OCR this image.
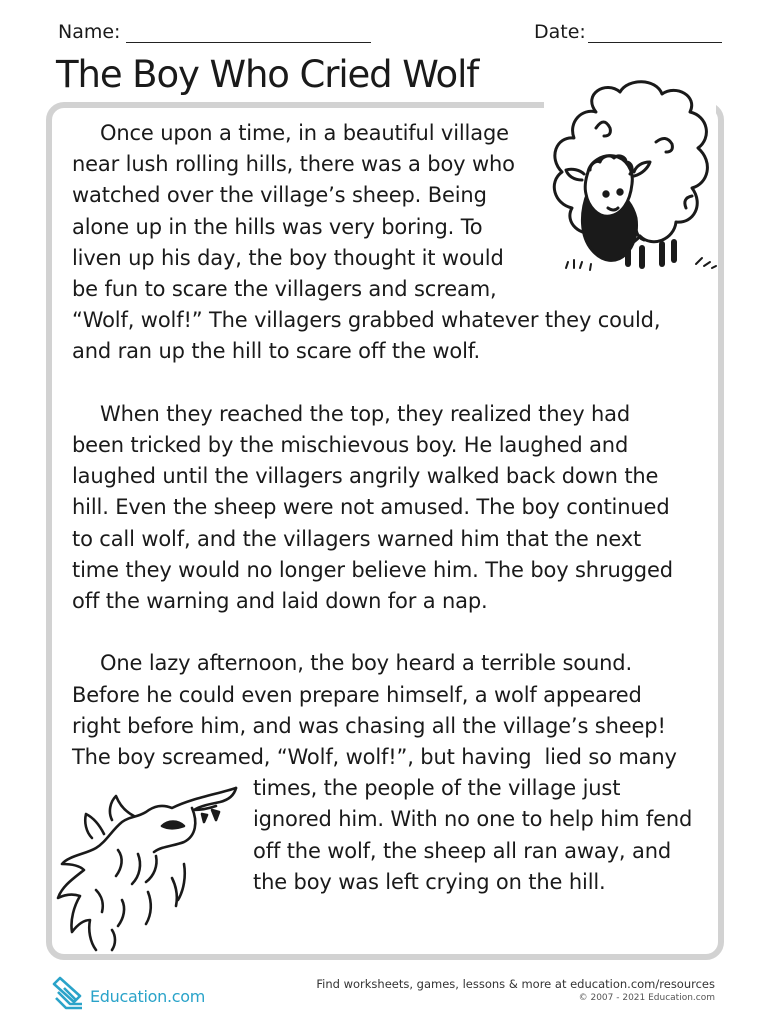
Name:	Date:
The Boy Who Cried Wolf
Once upon a time, in a beautiful village
near lush rolling hills, there was a boy who
watched over the village’s sheep. Being
alone up in the hills was very boring. To
liven up his day, the boy thought it would
be fun to scare the villagers and scream,
“Wolf, wolf!” The villagers grabbed whatever they could,
and ran up the hill to scare off the wolf.
When they reached the top, they realized they had
been tricked by the mischievous boy. He laughed and
laughed until the villagers angrily walked back down the
hill. Even the sheep were not amused. The boy continued
to call wolf, and the villagers warned him that the next
time they would no longer believe him. The boy shrugged
off the warning and laid down for a nap.
One lazy afternoon, the boy heard a terrible sound.
Before he could even prepare himself, a wolf appeared
right before him, and was chasing all the village’s sheep!
The boy screamed, “Wolf, wolf!”, but having  lied so many
times, the people of the village just
ignored him. With no one to help him fend
off the wolf, the sheep all ran away, and
the boy was left crying on the hill.
Education.com
Find worksheets, games, lessons & more at education.com/resources
© 2007 - 2021 Education.com
